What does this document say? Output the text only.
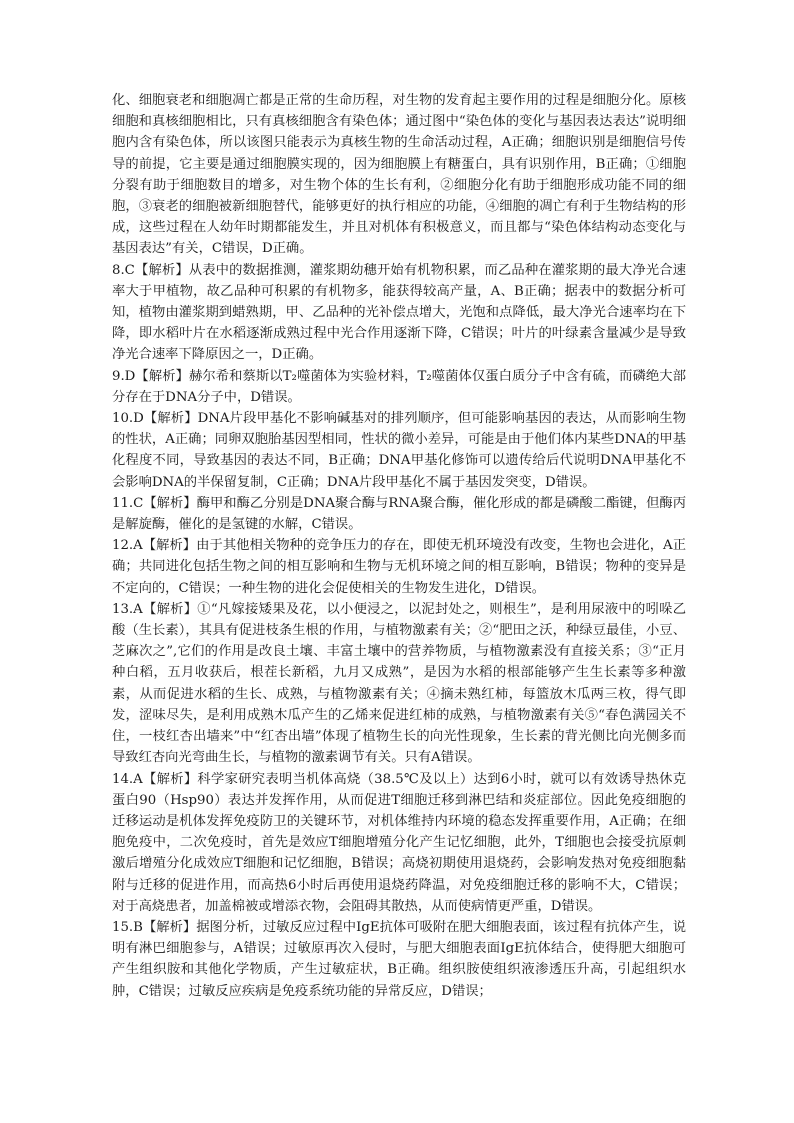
化、细胞衰老和细胞凋亡都是正常的生命历程，对生物的发育起主要作用的过程是细胞分化。原核细胞和真核细胞相比，只有真核细胞含有染色体；通过图中“染色体的变化与基因表达表达”说明细胞内含有染色体，所以该图只能表示为真核生物的生命活动过程，A正确；细胞识别是细胞信号传导的前提，它主要是通过细胞膜实现的，因为细胞膜上有糖蛋白，具有识别作用，B正确；①细胞分裂有助于细胞数目的增多，对生物个体的生长有利，②细胞分化有助于细胞形成功能不同的细胞，③衰老的细胞被新细胞替代，能够更好的执行相应的功能，④细胞的凋亡有利于生物结构的形成，这些过程在人幼年时期都能发生，并且对机体有积极意义，而且都与“染色体结构动态变化与基因表达”有关，C错误，D正确。

8.C【解析】从表中的数据推测，灌浆期幼穗开始有机物积累，而乙品种在灌浆期的最大净光合速率大于甲植物，故乙品种可积累的有机物多，能获得较高产量，A、B正确；据表中的数据分析可知，植物由灌浆期到蜡熟期，甲、乙品种的光补偿点增大，光饱和点降低，最大净光合速率均在下降，即水稻叶片在水稻逐渐成熟过程中光合作用逐渐下降，C错误；叶片的叶绿素含量减少是导致净光合速率下降原因之一，D正确。

9.D【解析】赫尔希和蔡斯以T₂噬菌体为实验材料，T₂噬菌体仅蛋白质分子中含有硫，而磷绝大部分存在于DNA分子中，D错误。

10.D【解析】DNA片段甲基化不影响碱基对的排列顺序，但可能影响基因的表达，从而影响生物的性状，A正确；同卵双胞胎基因型相同，性状的微小差异，可能是由于他们体内某些DNA的甲基化程度不同，导致基因的表达不同，B正确；DNA甲基化修饰可以遗传给后代说明DNA甲基化不会影响DNA的半保留复制，C正确；DNA片段甲基化不属于基因发突变，D错误。

11.C【解析】酶甲和酶乙分别是DNA聚合酶与RNA聚合酶，催化形成的都是磷酸二酯键，但酶丙是解旋酶，催化的是氢键的水解，C错误。

12.A【解析】由于其他相关物种的竞争压力的存在，即使无机环境没有改变，生物也会进化，A正确；共同进化包括生物之间的相互影响和生物与无机环境之间的相互影响，B错误；物种的变异是不定向的，C错误；一种生物的进化会促使相关的生物发生进化，D错误。

13.A【解析】①“凡嫁接矮果及花，以小便浸之，以泥封处之，则根生”，是利用尿液中的吲哚乙酸（生长素），其具有促进枝条生根的作用，与植物激素有关；②“肥田之沃，种绿豆最佳，小豆、芝麻次之”,它们的作用是改良土壤、丰富土壤中的营养物质，与植物激素没有直接关系；③“正月种白稻，五月收获后，根茬长新稻，九月又成熟”，是因为水稻的根部能够产生生长素等多种激素，从而促进水稻的生长、成熟，与植物激素有关；④摘未熟红柿，每篮放木瓜两三枚，得气即发，涩味尽失，是利用成熟木瓜产生的乙烯来促进红柿的成熟，与植物激素有关⑤“春色满园关不住，一枝红杏出墙来”中“红杏出墙”体现了植物生长的向光性现象，生长素的背光侧比向光侧多而导致红杏向光弯曲生长，与植物的激素调节有关。只有A错误。

14.A【解析】科学家研究表明当机体高烧（38.5℃及以上）达到6小时，就可以有效诱导热休克蛋白90（Hsp90）表达并发挥作用，从而促进T细胞迁移到淋巴结和炎症部位。因此免疫细胞的迁移运动是机体发挥免疫防卫的关键环节，对机体维持内环境的稳态发挥重要作用，A正确；在细胞免疫中，二次免疫时，首先是效应T细胞增殖分化产生记忆细胞，此外，T细胞也会接受抗原刺激后增殖分化成效应T细胞和记忆细胞，B错误；高烧初期使用退烧药，会影响发热对免疫细胞黏附与迁移的促进作用，而高热6小时后再使用退烧药降温，对免疫细胞迁移的影响不大，C错误；对于高烧患者，加盖棉被或增添衣物，会阻碍其散热，从而使病情更严重，D错误。

15.B【解析】据图分析，过敏反应过程中IgE抗体可吸附在肥大细胞表面，该过程有抗体产生，说明有淋巴细胞参与，A错误；过敏原再次入侵时，与肥大细胞表面IgE抗体结合，使得肥大细胞可产生组织胺和其他化学物质，产生过敏症状，B正确。组织胺使组织液渗透压升高，引起组织水肿，C错误；过敏反应疾病是免疫系统功能的异常反应，D错误；
